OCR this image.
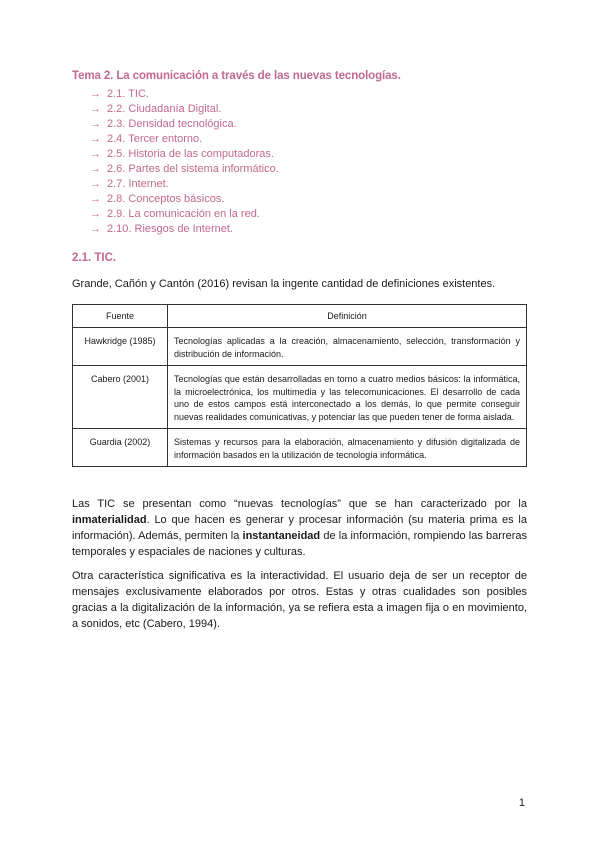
Tema 2. La comunicación a través de las nuevas tecnologías.
→ 2.1. TIC.
→ 2.2. Ciudadanía Digital.
→ 2.3. Densidad tecnológica.
→ 2.4. Tercer entorno.
→ 2.5. Historia de las computadoras.
→ 2.6. Partes del sistema informático.
→ 2.7. Internet.
→ 2.8. Conceptos básicos.
→ 2.9. La comunicación en la red.
→ 2.10. Riesgos de Internet.
2.1. TIC.
Grande, Cañón y Cantón (2016) revisan la ingente cantidad de definiciones existentes.
Fuente	Definición
Hawkridge (1985)	Tecnologías aplicadas a la creación, almacenamiento, selección, transformación y distribución de información.
Cabero (2001)	Tecnologías que están desarrolladas en torno a cuatro medios básicos: la informática, la microelectrónica, los multimedia y las telecomunicaciones. El desarrollo de cada uno de estos campos está interconectado a los demás, lo que permite conseguir nuevas realidades comunicativas, y potenciar las que pueden tener de forma aislada.
Guardia (2002)	Sistemas y recursos para la elaboración, almacenamiento y difusión digitalizada de información basados en la utilización de tecnología informática.
Las TIC se presentan como “nuevas tecnologías” que se han caracterizado por la inmaterialidad. Lo que hacen es generar y procesar información (su materia prima es la información). Además, permiten la instantaneidad de la información, rompiendo las barreras temporales y espaciales de naciones y culturas.
Otra característica significativa es la interactividad. El usuario deja de ser un receptor de mensajes exclusivamente elaborados por otros. Estas y otras cualidades son posibles gracias a la digitalización de la información, ya se refiera esta a imagen fija o en movimiento, a sonidos, etc (Cabero, 1994).
1
